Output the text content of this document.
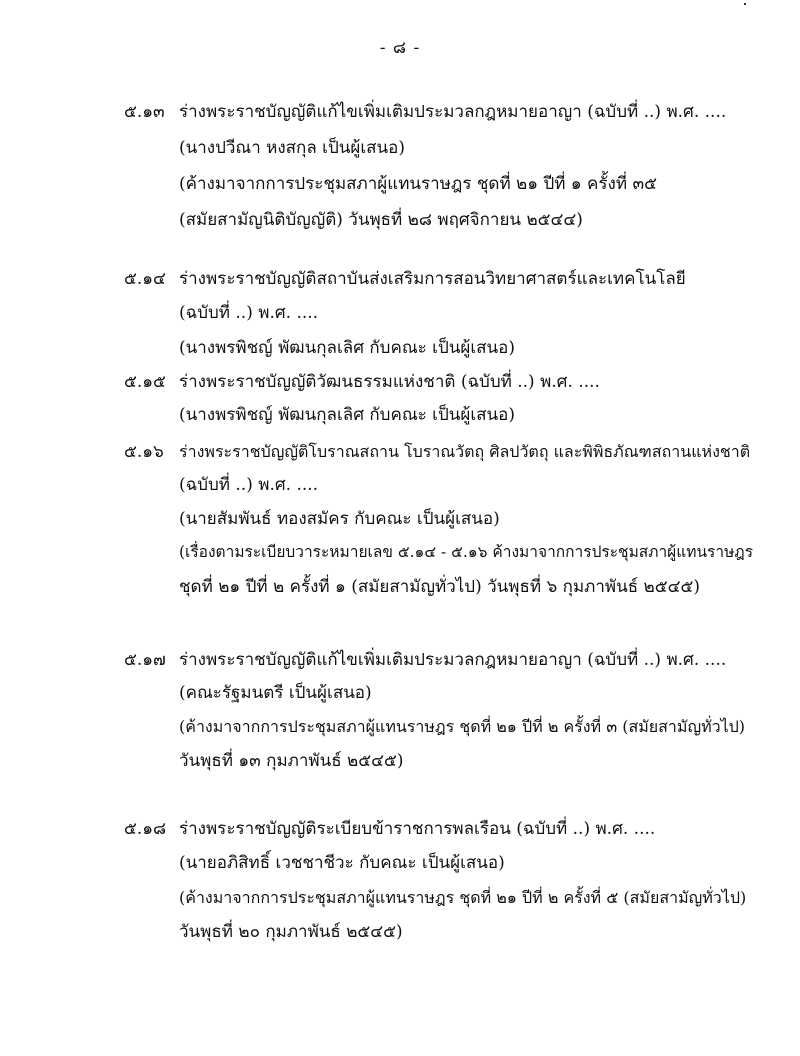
- ๘ -
๕.๑๓ ร่างพระราชบัญญัติแก้ไขเพิ่มเติมประมวลกฎหมายอาญา (ฉบับที่ ..) พ.ศ. ....
(นางปวีณา หงสกุล เป็นผู้เสนอ)
(ค้างมาจากการประชุมสภาผู้แทนราษฎร ชุดที่ ๒๑ ปีที่ ๑ ครั้งที่ ๓๕
(สมัยสามัญนิติบัญญัติ) วันพุธที่ ๒๘ พฤศจิกายน ๒๕๔๔)
๕.๑๔ ร่างพระราชบัญญัติสถาบันส่งเสริมการสอนวิทยาศาสตร์และเทคโนโลยี
(ฉบับที่ ..) พ.ศ. ....
(นางพรพิชญ์ พัฒนกุลเลิศ กับคณะ เป็นผู้เสนอ)
๕.๑๕ ร่างพระราชบัญญัติวัฒนธรรมแห่งชาติ (ฉบับที่ ..) พ.ศ. ....
(นางพรพิชญ์ พัฒนกุลเลิศ กับคณะ เป็นผู้เสนอ)
๕.๑๖ ร่างพระราชบัญญัติโบราณสถาน โบราณวัตถุ ศิลปวัตถุ และพิพิธภัณฑสถานแห่งชาติ
(ฉบับที่ ..) พ.ศ. ....
(นายสัมพันธ์ ทองสมัคร กับคณะ เป็นผู้เสนอ)
(เรื่องตามระเบียบวาระหมายเลข ๕.๑๔ - ๕.๑๖ ค้างมาจากการประชุมสภาผู้แทนราษฎร
ชุดที่ ๒๑ ปีที่ ๒ ครั้งที่ ๑ (สมัยสามัญทั่วไป) วันพุธที่ ๖ กุมภาพันธ์ ๒๕๔๕)
๕.๑๗ ร่างพระราชบัญญัติแก้ไขเพิ่มเติมประมวลกฎหมายอาญา (ฉบับที่ ..) พ.ศ. ....
(คณะรัฐมนตรี เป็นผู้เสนอ)
(ค้างมาจากการประชุมสภาผู้แทนราษฎร ชุดที่ ๒๑ ปีที่ ๒ ครั้งที่ ๓ (สมัยสามัญทั่วไป)
วันพุธที่ ๑๓ กุมภาพันธ์ ๒๕๔๕)
๕.๑๘ ร่างพระราชบัญญัติระเบียบข้าราชการพลเรือน (ฉบับที่ ..) พ.ศ. ....
(นายอภิสิทธิ์ เวชชาชีวะ กับคณะ เป็นผู้เสนอ)
(ค้างมาจากการประชุมสภาผู้แทนราษฎร ชุดที่ ๒๑ ปีที่ ๒ ครั้งที่ ๕ (สมัยสามัญทั่วไป)
วันพุธที่ ๒๐ กุมภาพันธ์ ๒๕๔๕)
